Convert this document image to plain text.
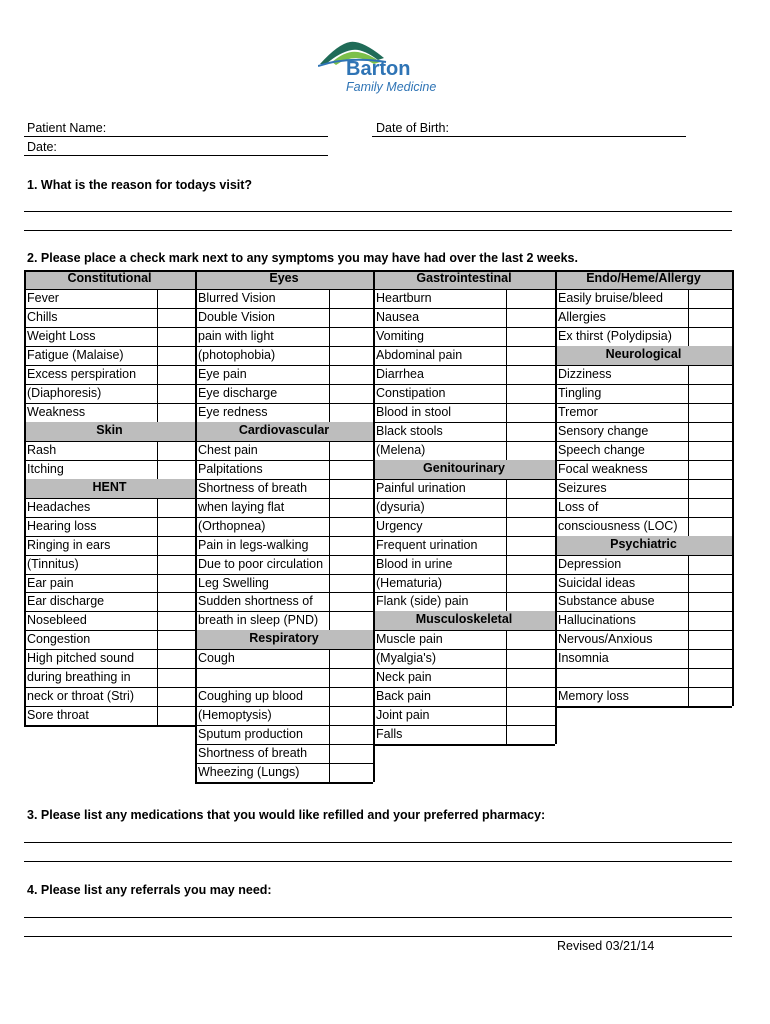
Barton
Family Medicine
Patient Name:
Date:
Date of Birth:
1. What is the reason for todays visit?
2. Please place a check mark next to any symptoms you may have had over the last 2 weeks.
Constitutional
Fever
Chills
Weight Loss
Fatigue (Malaise)
Excess perspiration
(Diaphoresis)
Weakness
Skin
Rash
Itching
HENT
Headaches
Hearing loss
Ringing in ears
(Tinnitus)
Ear pain
Ear discharge
Nosebleed
Congestion
High pitched sound
during breathing in
neck or throat (Stri)
Sore throat
Eyes
Blurred Vision
Double Vision
pain with light
(photophobia)
Eye pain
Eye discharge
Eye redness
Cardiovascular
Chest pain
Palpitations
Shortness of breath
when laying flat
(Orthopnea)
Pain in legs-walking
Due to poor circulation
Leg Swelling
Sudden shortness of
breath in sleep (PND)
Respiratory
Cough
Coughing up blood
(Hemoptysis)
Sputum production
Shortness of breath
Wheezing (Lungs)
Gastrointestinal
Heartburn
Nausea
Vomiting
Abdominal pain
Diarrhea
Constipation
Blood in stool
Black stools
(Melena)
Genitourinary
Painful urination
(dysuria)
Urgency
Frequent urination
Blood in urine
(Hematuria)
Flank (side) pain
Musculoskeletal
Muscle pain
(Myalgia's)
Neck pain
Back pain
Joint pain
Falls
Endo/Heme/Allergy
Easily bruise/bleed
Allergies
Ex thirst (Polydipsia)
Neurological
Dizziness
Tingling
Tremor
Sensory change
Speech change
Focal weakness
Seizures
Loss of
consciousness (LOC)
Psychiatric
Depression
Suicidal ideas
Substance abuse
Hallucinations
Nervous/Anxious
Insomnia
Memory loss
3. Please list any medications that you would like refilled and your preferred pharmacy:
4. Please list any referrals you may need:
Revised 03/21/14
